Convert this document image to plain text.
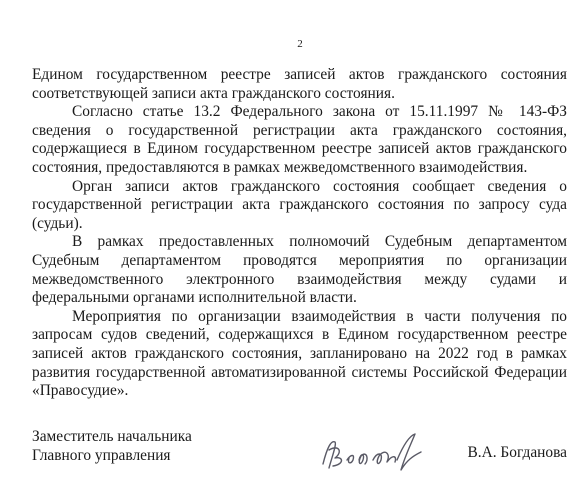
2

Едином государственном реестре записей актов гражданского состояния соответствующей записи акта гражданского состояния.

Согласно статье 13.2 Федерального закона от 15.11.1997 № 143-ФЗ сведения о государственной регистрации акта гражданского состояния, содержащиеся в Едином государственном реестре записей актов гражданского состояния, предоставляются в рамках межведомственного взаимодействия.

Орган записи актов гражданского состояния сообщает сведения о государственной регистрации акта гражданского состояния по запросу суда (судьи).

В рамках предоставленных полномочий Судебным департаментом Судебным департаментом проводятся мероприятия по организации межведомственного электронного взаимодействия между судами и федеральными органами исполнительной власти.

Мероприятия по организации взаимодействия в части получения по запросам судов сведений, содержащихся в Едином государственном реестре записей актов гражданского состояния, запланировано на 2022 год в рамках развития государственной автоматизированной системы Российской Федерации «Правосудие».

Заместитель начальника
Главного управления	В.А. Богданова
